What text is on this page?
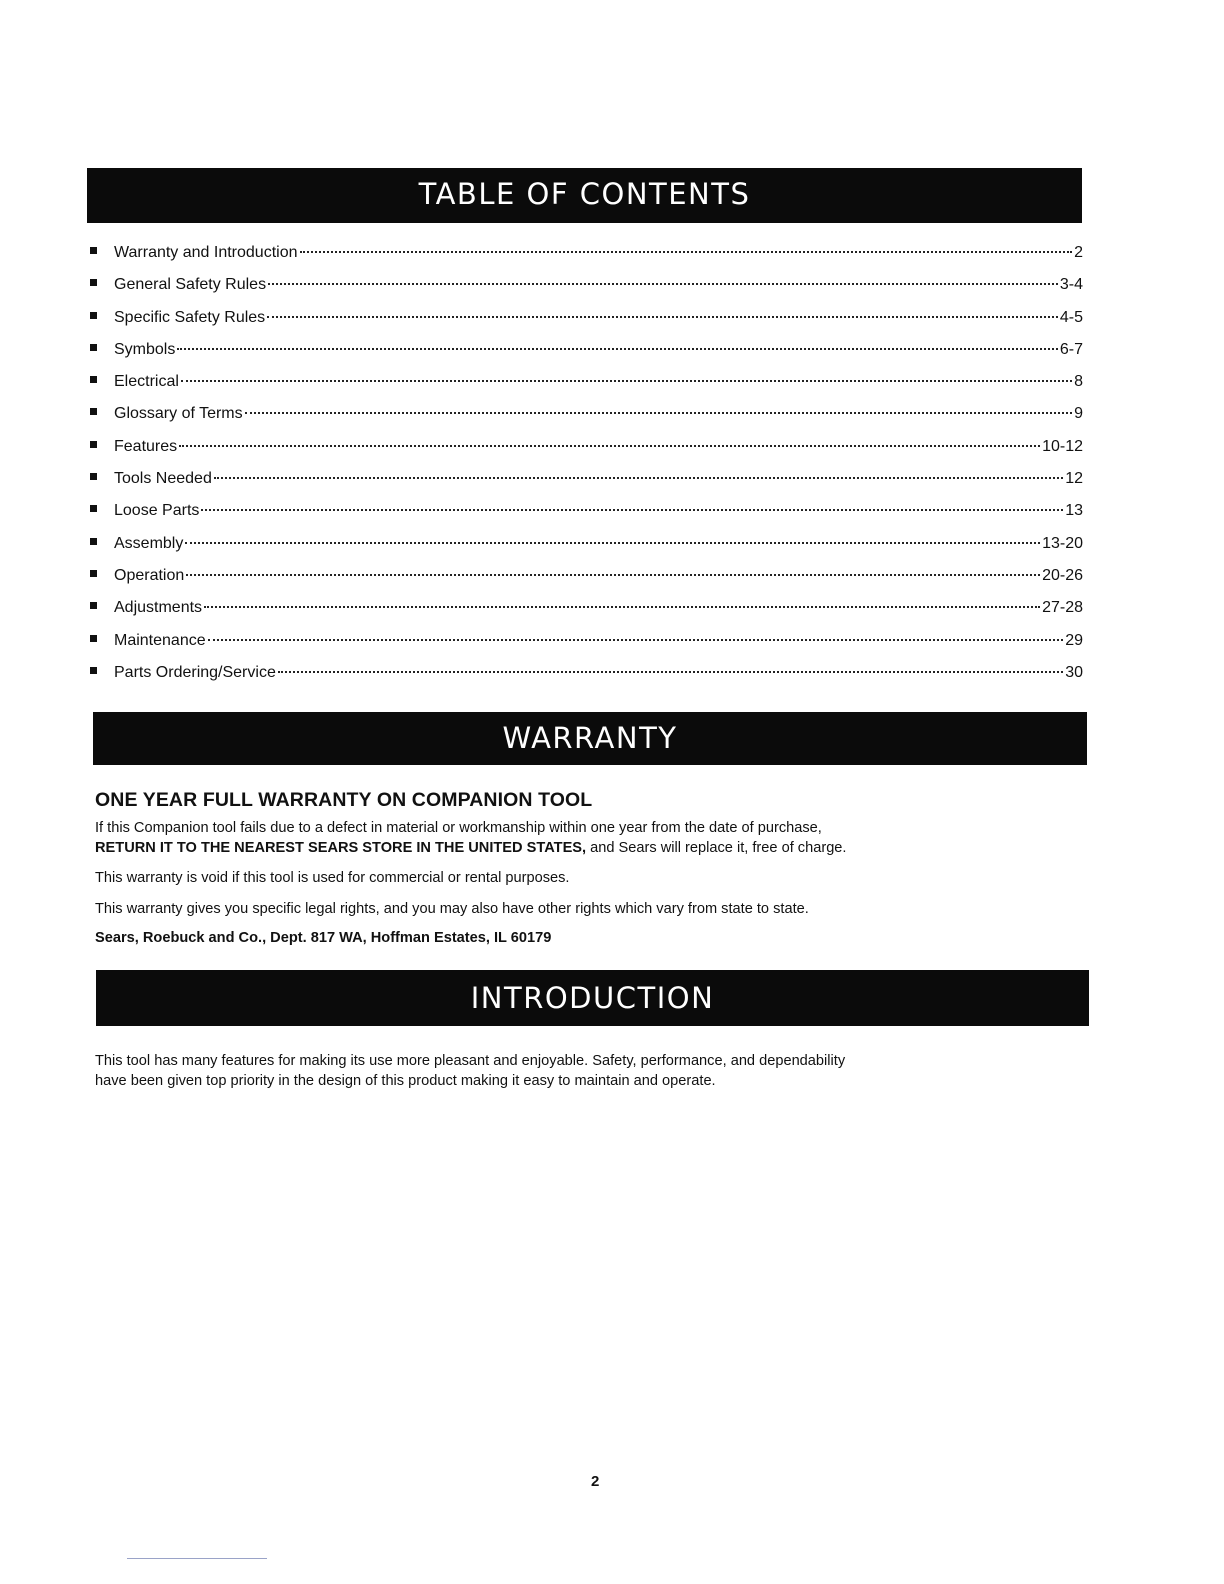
TABLE OF CONTENTS
Warranty and Introduction	2
General Safety Rules	3-4
Specific Safety Rules	4-5
Symbols	6-7
Electrical	8
Glossary of Terms	9
Features	10-12
Tools Needed	12
Loose Parts	13
Assembly	13-20
Operation	20-26
Adjustments	27-28
Maintenance	29
Parts Ordering/Service	30
WARRANTY
ONE YEAR FULL WARRANTY ON COMPANION TOOL
If this Companion tool fails due to a defect in material or workmanship within one year from the date of purchase,
RETURN IT TO THE NEAREST SEARS STORE IN THE UNITED STATES, and Sears will replace it, free of charge.
This warranty is void if this tool is used for commercial or rental purposes.
This warranty gives you specific legal rights, and you may also have other rights which vary from state to state.
Sears, Roebuck and Co., Dept. 817 WA, Hoffman Estates, IL 60179
INTRODUCTION
This tool has many features for making its use more pleasant and enjoyable. Safety, performance, and dependability
have been given top priority in the design of this product making it easy to maintain and operate.
2
